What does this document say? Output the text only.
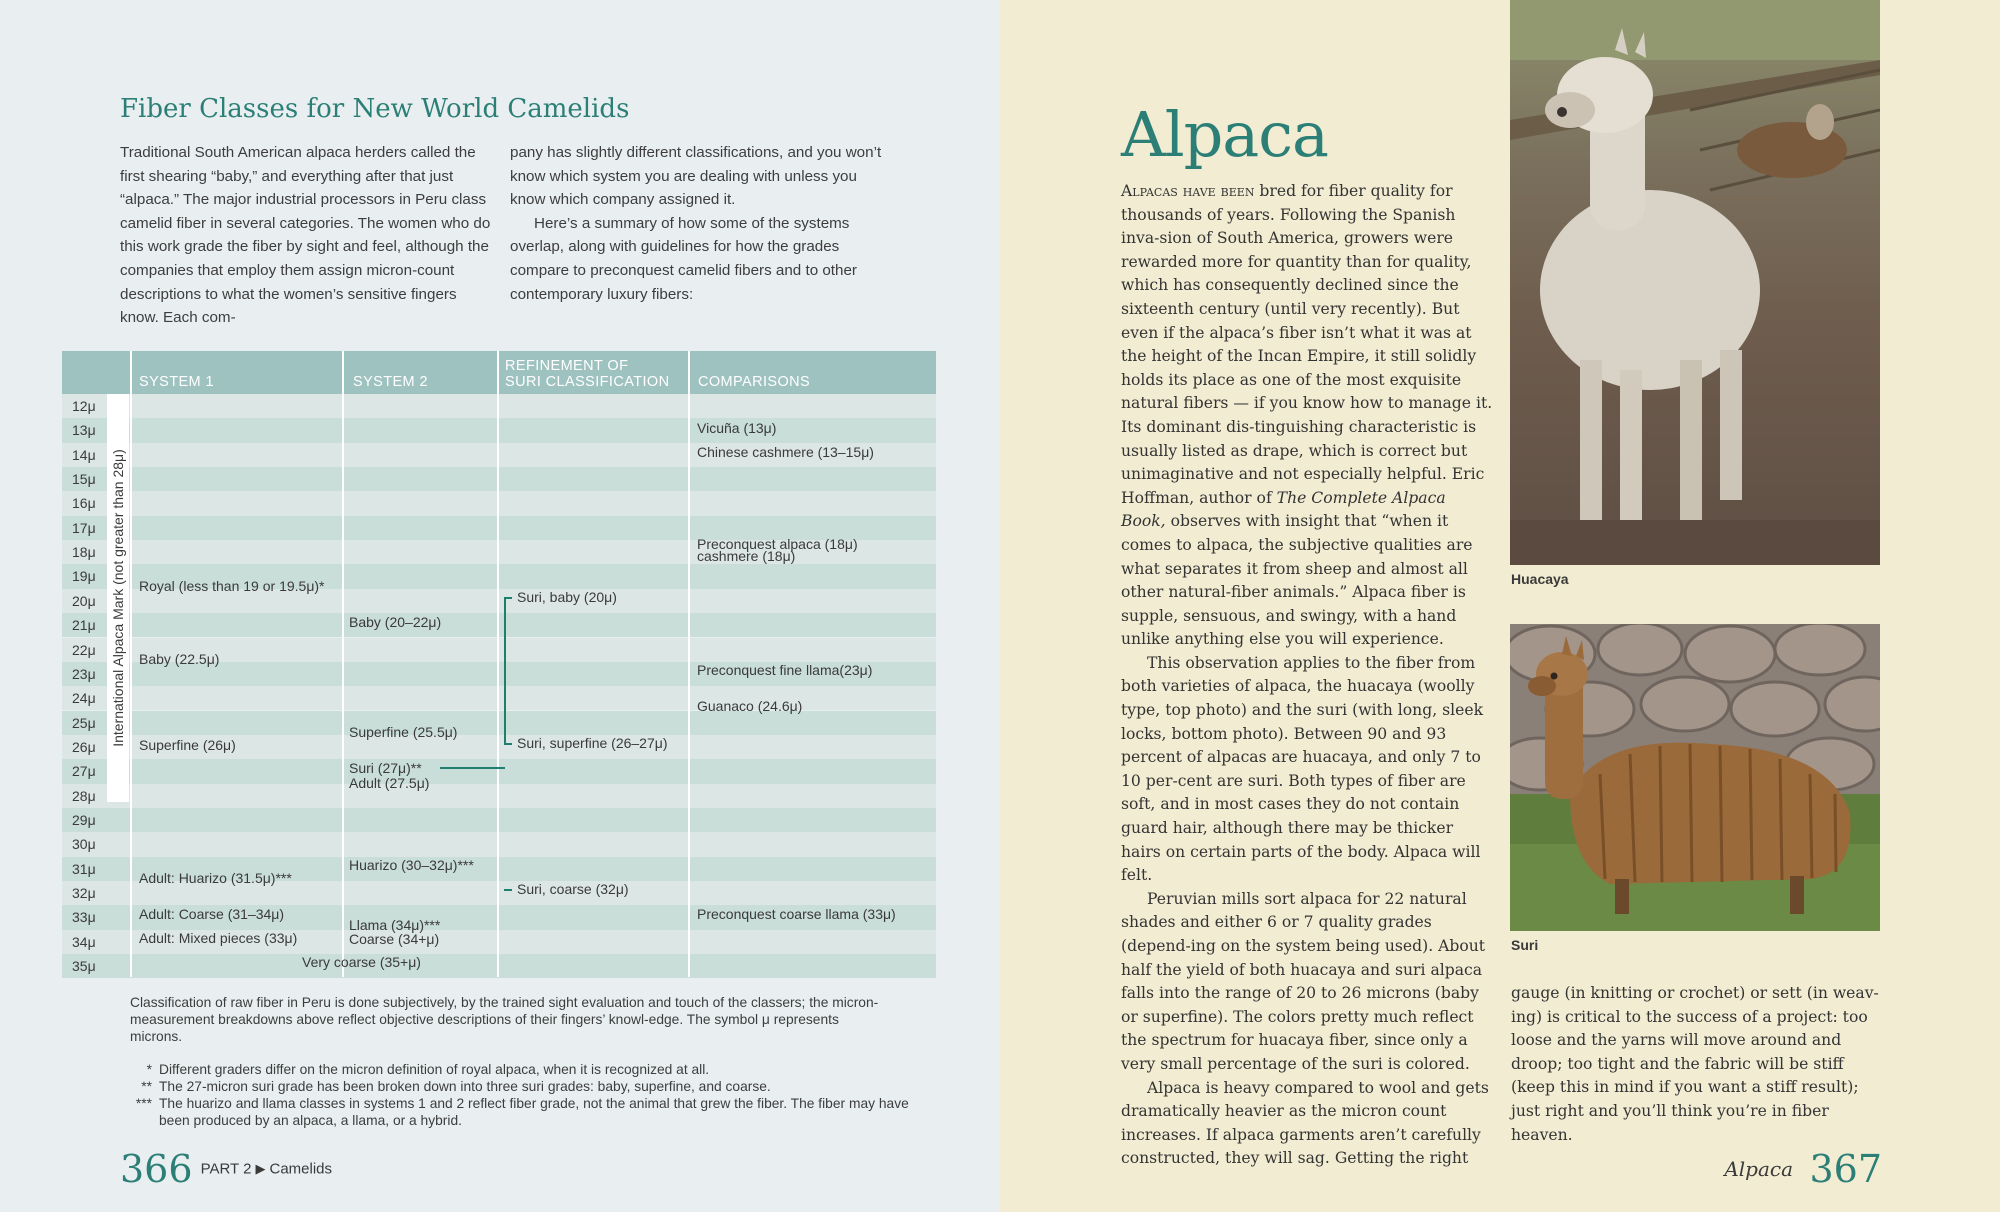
Fiber Classes for New World Camelids

Traditional South American alpaca herders called the first shearing “baby,” and everything after that just “alpaca.” The major industrial processors in Peru class camelid fiber in several categories. The women who do this work grade the fiber by sight and feel, although the companies that employ them assign micron-count descriptions to what the women’s sensitive fingers know. Each com-

pany has slightly different classifications, and you won’t know which system you are dealing with unless you know which company assigned it.

Here’s a summary of how some of the systems overlap, along with guidelines for how the grades compare to preconquest camelid fibers and to other contemporary luxury fibers:

SYSTEM 1	SYSTEM 2
REFINEMENT OF
SURI CLASSIFICATION COMPARISONS
12μ
13μ
14μ
15μ
16μ
17μ
18μ
19μ
20μ
21μ
22μ
23μ
24μ
25μ
26μ
27μ
28μ
29μ
30μ
31μ
32μ
33μ
34μ
35μ
International Alpaca Mark (not greater than 28μ) Royal (less than 19 or 19.5μ)*
Baby (22.5μ)
Superfine (26μ)
Adult: Huarizo (31.5μ)***
Adult: Coarse (31–34μ)
Adult: Mixed pieces (33μ)
Baby (20–22μ)
Superfine (25.5μ)
Suri (27μ)**
Adult (27.5μ)
Huarizo (30–32μ)***
Llama (34μ)***
Coarse (34+μ)
Very coarse (35+μ)
Suri, baby (20μ)
Suri, superfine (26–27μ)
Suri, coarse (32μ)
Vicuña (13μ)
Chinese cashmere (13–15μ)
Preconquest alpaca (18μ)
cashmere (18μ)
Preconquest fine llama(23μ)
Guanaco (24.6μ)
Preconquest coarse llama (33μ)

Classification of raw fiber in Peru is done subjectively, by the trained sight evaluation and touch of the classers; the micron-measurement breakdowns above reflect objective descriptions of their fingers’ knowl-edge. The symbol μ represents microns.

* Different graders differ on the micron definition of royal alpaca, when it is recognized at all.
** The 27-micron suri grade has been broken down into three suri grades: baby, superfine, and coarse.
*** The huarizo and llama classes in systems 1 and 2 reflect fiber grade, not the animal that grew the fiber. The fiber may have been produced by an alpaca, a llama, or a hybrid.
366 PART 2 ▶ Camelids
Alpaca

Alpacas have been bred for fiber quality for thousands of years. Following the Spanish inva-sion of South America, growers were rewarded more for quantity than for quality, which has consequently declined since the sixteenth century (until very recently). But even if the alpaca’s fiber isn’t what it was at the height of the Incan Empire, it still solidly holds its place as one of the most exquisite natural fibers — if you know how to manage it. Its dominant dis-tinguishing characteristic is usually listed as drape, which is correct but unimaginative and not especially helpful. Eric Hoffman, author of The Complete Alpaca Book, observes with insight that “when it comes to alpaca, the subjective qualities are what separates it from sheep and almost all other natural-fiber animals.” Alpaca fiber is supple, sensuous, and swingy, with a hand unlike anything else you will experience.

This observation applies to the fiber from both varieties of alpaca, the huacaya (woolly type, top photo) and the suri (with long, sleek locks, bottom photo). Between 90 and 93 percent of alpacas are huacaya, and only 7 to 10 per-cent are suri. Both types of fiber are soft, and in most cases they do not contain guard hair, although there may be thicker hairs on certain parts of the body. Alpaca will felt.

Peruvian mills sort alpaca for 22 natural shades and either 6 or 7 quality grades (depend-ing on the system being used). About half the yield of both huacaya and suri alpaca falls into the range of 20 to 26 microns (baby or superfine). The colors pretty much reflect the spectrum for huacaya fiber, since only a very small percentage of the suri is colored.

Alpaca is heavy compared to wool and gets dramatically heavier as the micron count increases. If alpaca garments aren’t carefully constructed, they will sag. Getting the right

gauge (in knitting or crochet) or sett (in weav-ing) is critical to the success of a project: too loose and the yarns will move around and droop; too tight and the fabric will be stiff (keep this in mind if you want a stiff result); just right and you’ll think you’re in fiber heaven.

Huacaya
Suri
Alpaca 367
